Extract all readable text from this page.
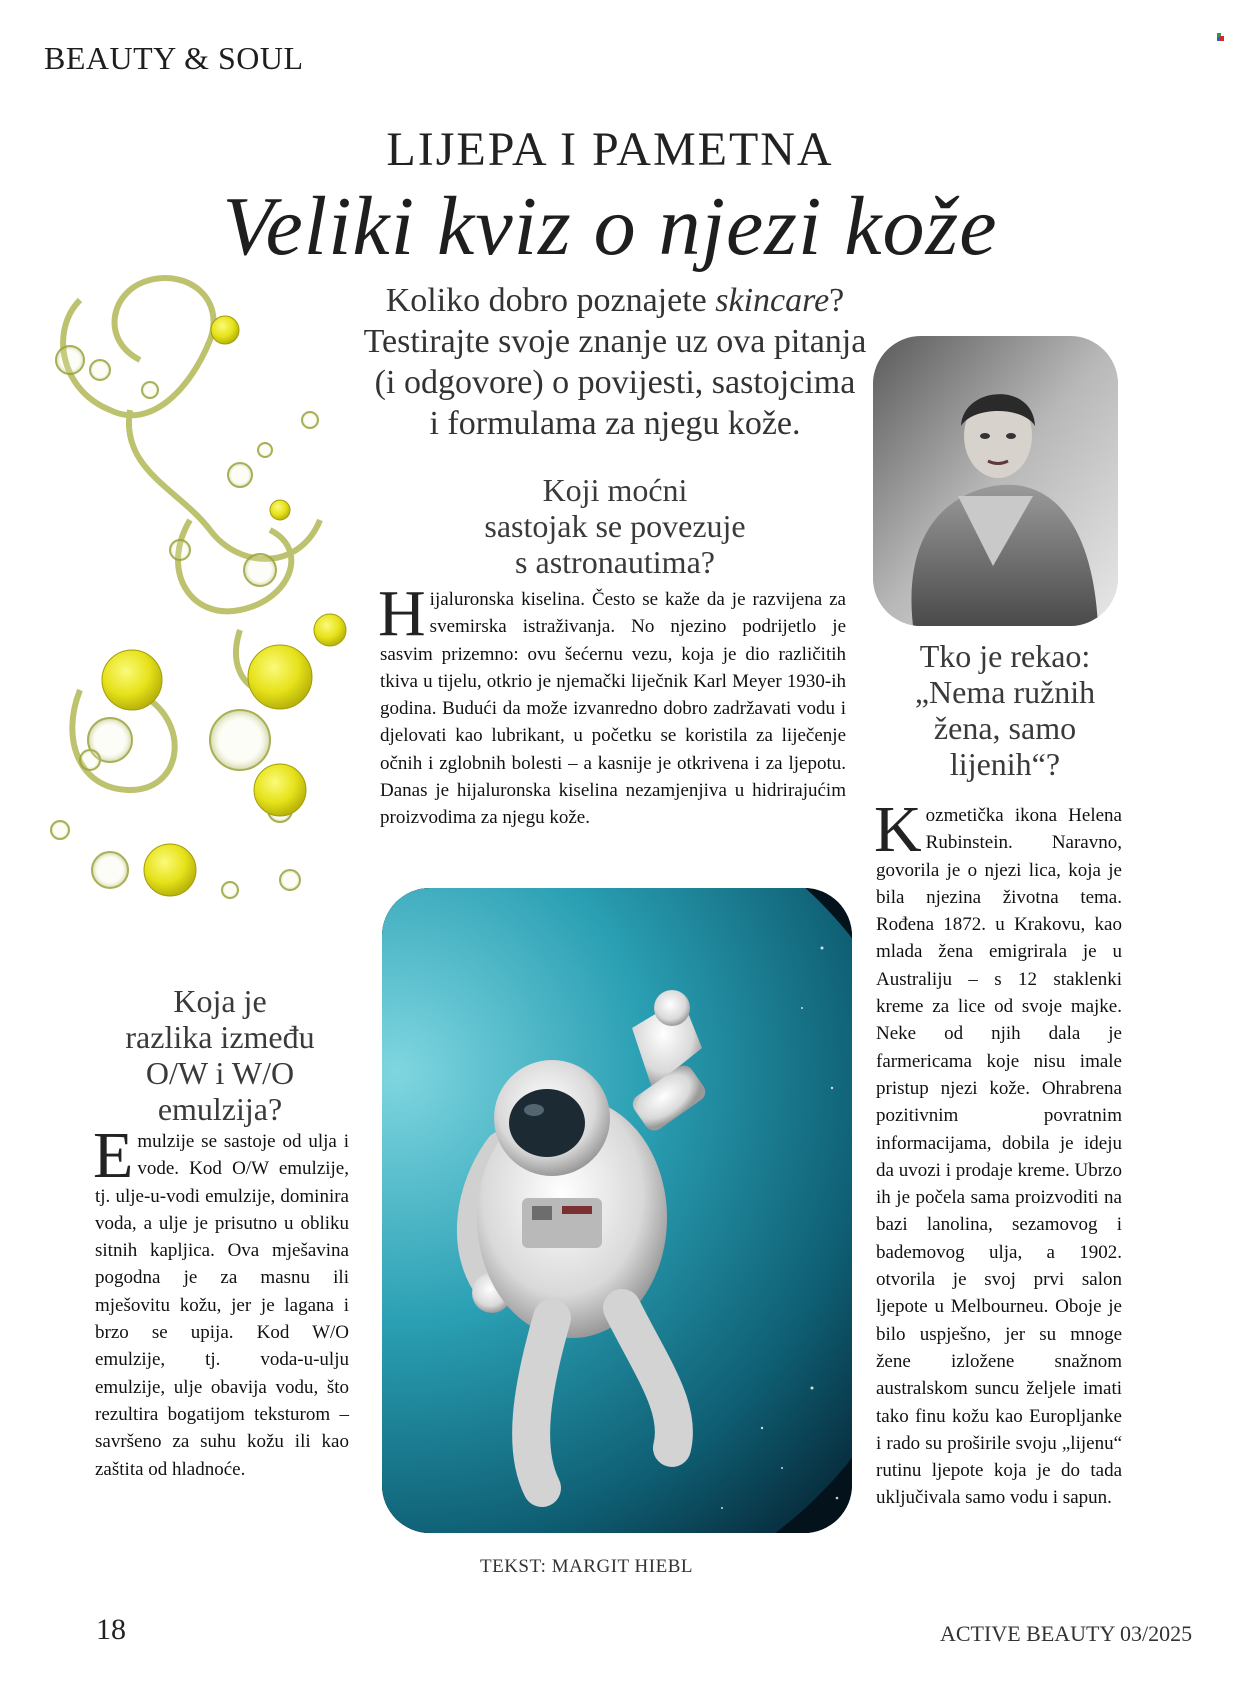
BEAUTY & SOUL
LIJEPA I PAMETNA
Veliki kviz o njezi kože
Koliko dobro poznajete skincare?
Testirajte svoje znanje uz ova pitanja
(i odgovore) o povijesti, sastojcima
i formulama za njegu kože.
Koji moćni
sastojak se povezuje
s astronautima?
Hijaluronska kiselina. Često se kaže da je razvijena za svemirska istraživanja. No njezino podrijetlo je sasvim prizemno: ovu šećernu vezu, koja je dio različitih tkiva u tijelu, otkrio je njemački liječnik Karl Meyer 1930-ih godina. Budući da može izvanredno dobro zadržavati vodu i djelovati kao lubrikant, u početku se koristila za liječenje očnih i zglobnih bolesti – a kasnije je otkrivena i za ljepotu. Danas je hijaluronska kiselina nezamjenjiva u hidrirajućim proizvodima za njegu kože.
Tko je rekao:
„Nema ružnih
žena, samo
lijenih“?
Kozmetička ikona Helena Rubinstein. Naravno, govorila je o njezi lica, koja je bila njezina životna tema. Rođena 1872. u Krakovu, kao mlada žena emigrirala je u Australiju – s 12 staklenki kreme za lice od svoje majke. Neke od njih dala je farmericama koje nisu imale pristup njezi kože. Ohrabrena pozitivnim povratnim informacijama, dobila je ideju da uvozi i prodaje kreme. Ubrzo ih je počela sama proizvoditi na bazi lanolina, sezamovog i bademovog ulja, a 1902. otvorila je svoj prvi salon ljepote u Melbourneu. Oboje je bilo uspješno, jer su mnoge žene izložene snažnom australskom suncu željele imati tako finu kožu kao Europljanke i rado su proširile svoju „lijenu“ rutinu ljepote koja je do tada uključivala samo vodu i sapun.
Koja je
razlika između
O/W i W/O
emulzija?
Emulzije se sastoje od ulja i vode. Kod O/W emulzije, tj. ulje-u-vodi emulzije, dominira voda, a ulje je prisutno u obliku sitnih kapljica. Ova mješavina pogodna je za masnu ili mješovitu kožu, jer je lagana i brzo se upija. Kod W/O emulzije, tj. voda-u-ulju emulzije, ulje obavija vodu, što rezultira bogatijom teksturom – savršeno za suhu kožu ili kao zaštita od hladnoće.
TEKST: MARGIT HIEBL
18	ACTIVE BEAUTY 03/2025
